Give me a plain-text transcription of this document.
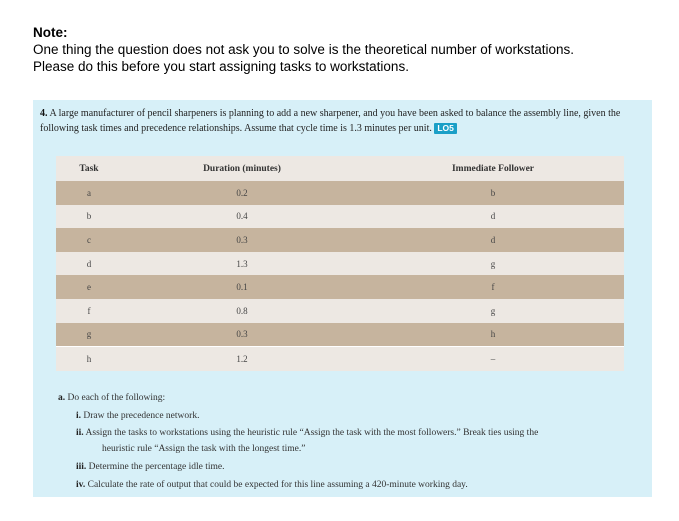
Note:
One thing the question does not ask you to solve is the theoretical number of workstations.
Please do this before you start assigning tasks to workstations.
4. A large manufacturer of pencil sharpeners is planning to add a new sharpener, and you have been asked to balance the assembly line, given the following task times and precedence relationships. Assume that cycle time is 1.3 minutes per unit. LO5
Task	Duration (minutes)	Immediate Follower
a	0.2	b
b	0.4	d
c	0.3	d
d	1.3	g
e	0.1	f
f	0.8	g
g	0.3	h
h	1.2	–
a. Do each of the following:
i. Draw the precedence network.
ii. Assign the tasks to workstations using the heuristic rule “Assign the task with the most followers.” Break ties using the
heuristic rule “Assign the task with the longest time.”
iii. Determine the percentage idle time.
iv. Calculate the rate of output that could be expected for this line assuming a 420-minute working day.
